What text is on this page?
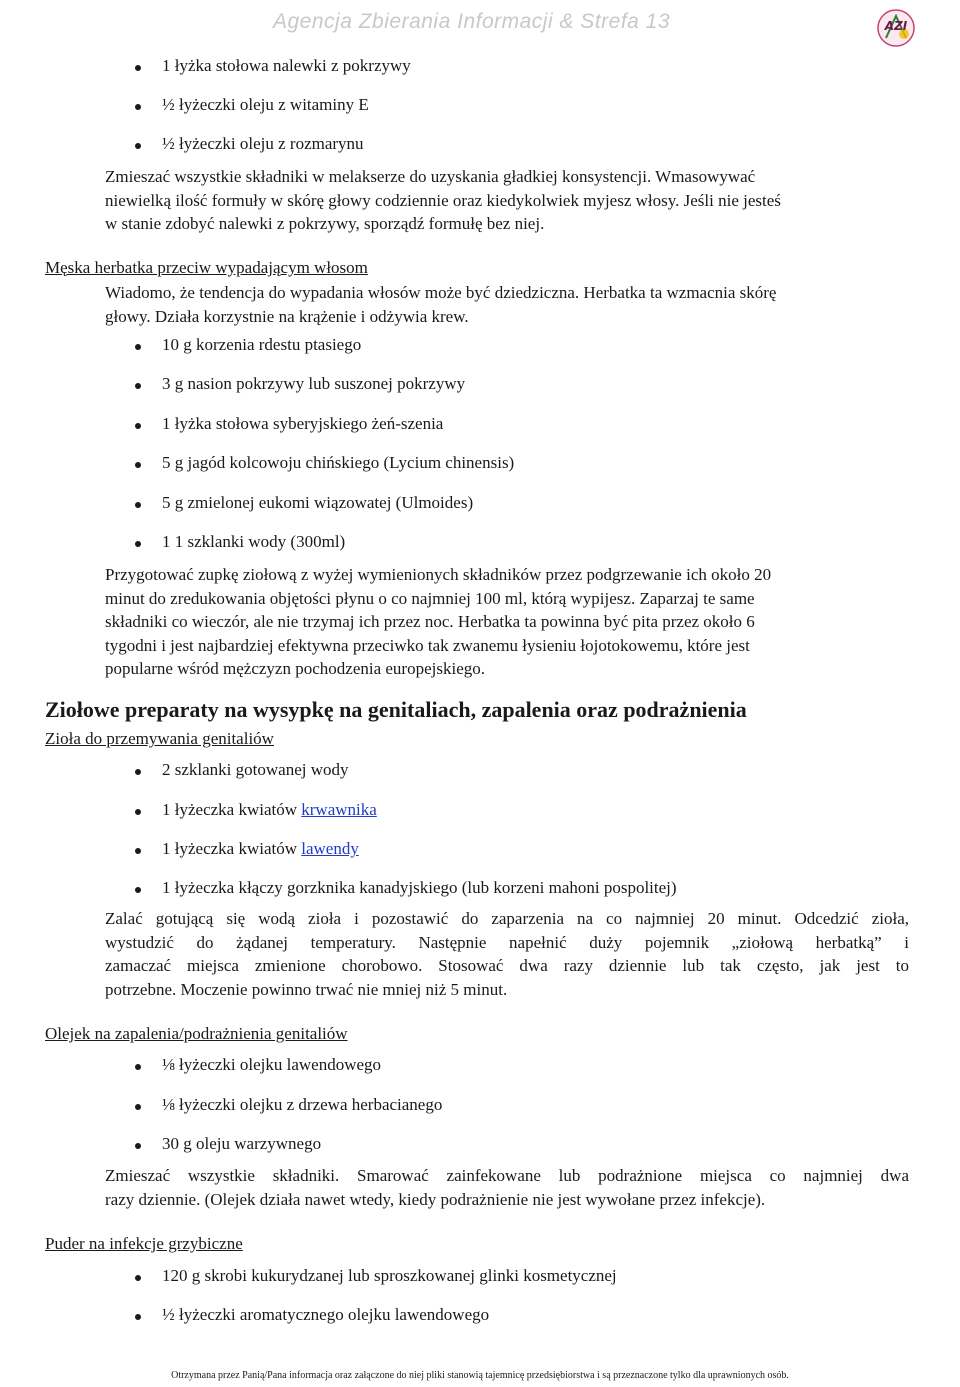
Agencja Zbierania Informacji & Strefa 13	AZI
1 łyżka stołowa nalewki z pokrzywy
½ łyżeczki oleju z witaminy E
½ łyżeczki oleju z rozmarynu
Zmieszać wszystkie składniki w melakserze do uzyskania gładkiej konsystencji. Wmasowywać
niewielką ilość formuły w skórę głowy codziennie oraz kiedykolwiek myjesz włosy. Jeśli nie jesteś
w stanie zdobyć nalewki z pokrzywy, sporządź formułę bez niej.
Męska herbatka przeciw wypadającym włosom
Wiadomo, że tendencja do wypadania włosów może być dziedziczna. Herbatka ta wzmacnia skórę
głowy. Działa korzystnie na krążenie i odżywia krew.
10 g korzenia rdestu ptasiego
3 g nasion pokrzywy lub suszonej pokrzywy
1 łyżka stołowa syberyjskiego żeń-szenia
5 g jagód kolcowoju chińskiego (Lycium chinensis)
5 g zmielonej eukomi wiązowatej (Ulmoides)
1 1 szklanki wody (300ml)
Przygotować zupkę ziołową z wyżej wymienionych składników przez podgrzewanie ich około 20
minut do zredukowania objętości płynu o co najmniej 100 ml, którą wypijesz. Zaparzaj te same
składniki co wieczór, ale nie trzymaj ich przez noc. Herbatka ta powinna być pita przez około 6
tygodni i jest najbardziej efektywna przeciwko tak zwanemu łysieniu łojotokowemu, które jest
popularne wśród mężczyzn pochodzenia europejskiego.
Ziołowe preparaty na wysypkę na genitaliach, zapalenia oraz podrażnienia
Zioła do przemywania genitaliów
2 szklanki gotowanej wody
1 łyżeczka kwiatów krwawnika
1 łyżeczka kwiatów lawendy
1 łyżeczka kłączy gorzknika kanadyjskiego (lub korzeni mahoni pospolitej)
Zalać gotującą się wodą zioła i pozostawić do zaparzenia na co najmniej 20 minut. Odcedzić zioła,
wystudzić do żądanej temperatury. Następnie napełnić duży pojemnik „ziołową herbatką” i
zamaczać miejsca zmienione chorobowo. Stosować dwa razy dziennie lub tak często, jak jest to
potrzebne. Moczenie powinno trwać nie mniej niż 5 minut.
Olejek na zapalenia/podrażnienia genitaliów
⅛ łyżeczki olejku lawendowego
⅛ łyżeczki olejku z drzewa herbacianego
30 g oleju warzywnego
Zmieszać wszystkie składniki. Smarować zainfekowane lub podrażnione miejsca co najmniej dwa
razy dziennie. (Olejek działa nawet wtedy, kiedy podrażnienie nie jest wywołane przez infekcje).
Puder na infekcje grzybiczne
120 g skrobi kukurydzanej lub sproszkowanej glinki kosmetycznej
½ łyżeczki aromatycznego olejku lawendowego
Otrzymana przez Panią/Pana informacja oraz załączone do niej pliki stanowią tajemnicę przedsiębiorstwa i są przeznaczone tylko dla uprawnionych osób.
